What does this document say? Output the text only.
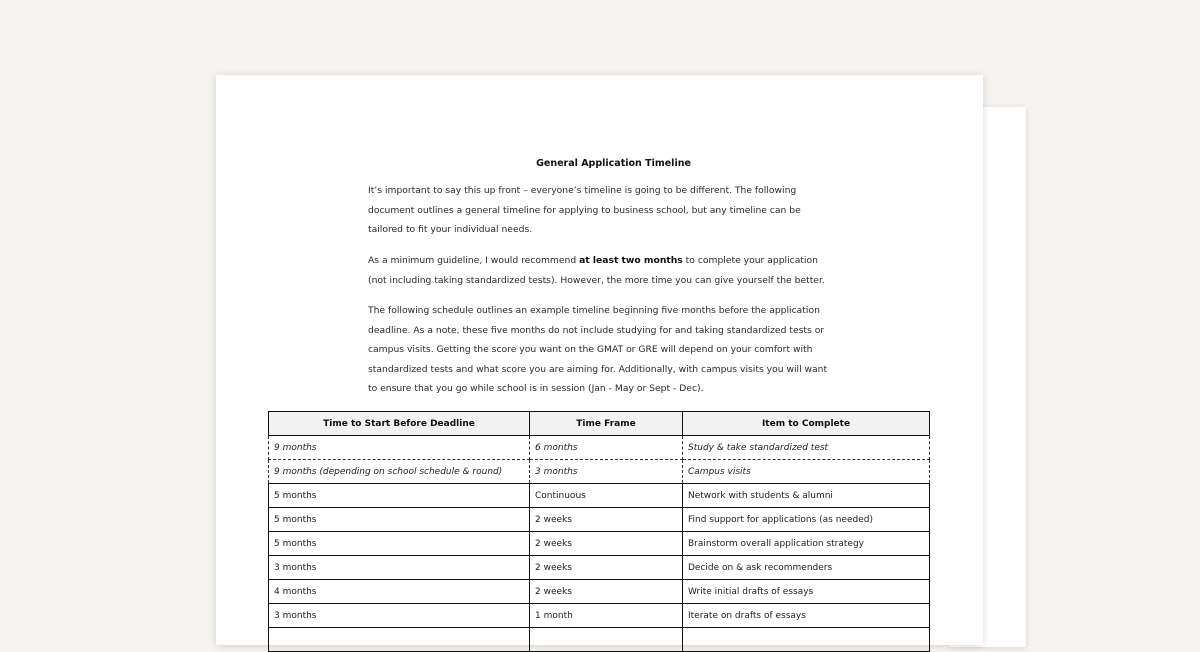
General Application Timeline

It’s important to say this up front – everyone’s timeline is going to be different. The following document outlines a general timeline for applying to business school, but any timeline can be tailored to fit your individual needs.

As a minimum guideline, I would recommend at least two months to complete your application (not including taking standardized tests). However, the more time you can give yourself the better.

The following schedule outlines an example timeline beginning five months before the application deadline. As a note, these five months do not include studying for and taking standardized tests or campus visits. Getting the score you want on the GMAT or GRE will depend on your comfort with standardized tests and what score you are aiming for. Additionally, with campus visits you will want to ensure that you go while school is in session (Jan - May or Sept - Dec).

Time to Start Before Deadline	Time Frame	Item to Complete
9 months	6 months	Study & take standardized test
9 months (depending on school schedule & round)	3 months	Campus visits
5 months	Continuous	Network with students & alumni
5 months	2 weeks	Find support for applications (as needed)
5 months	2 weeks	Brainstorm overall application strategy
3 months	2 weeks	Decide on & ask recommenders
4 months	2 weeks	Write initial drafts of essays
3 months	1 month	Iterate on drafts of essays
